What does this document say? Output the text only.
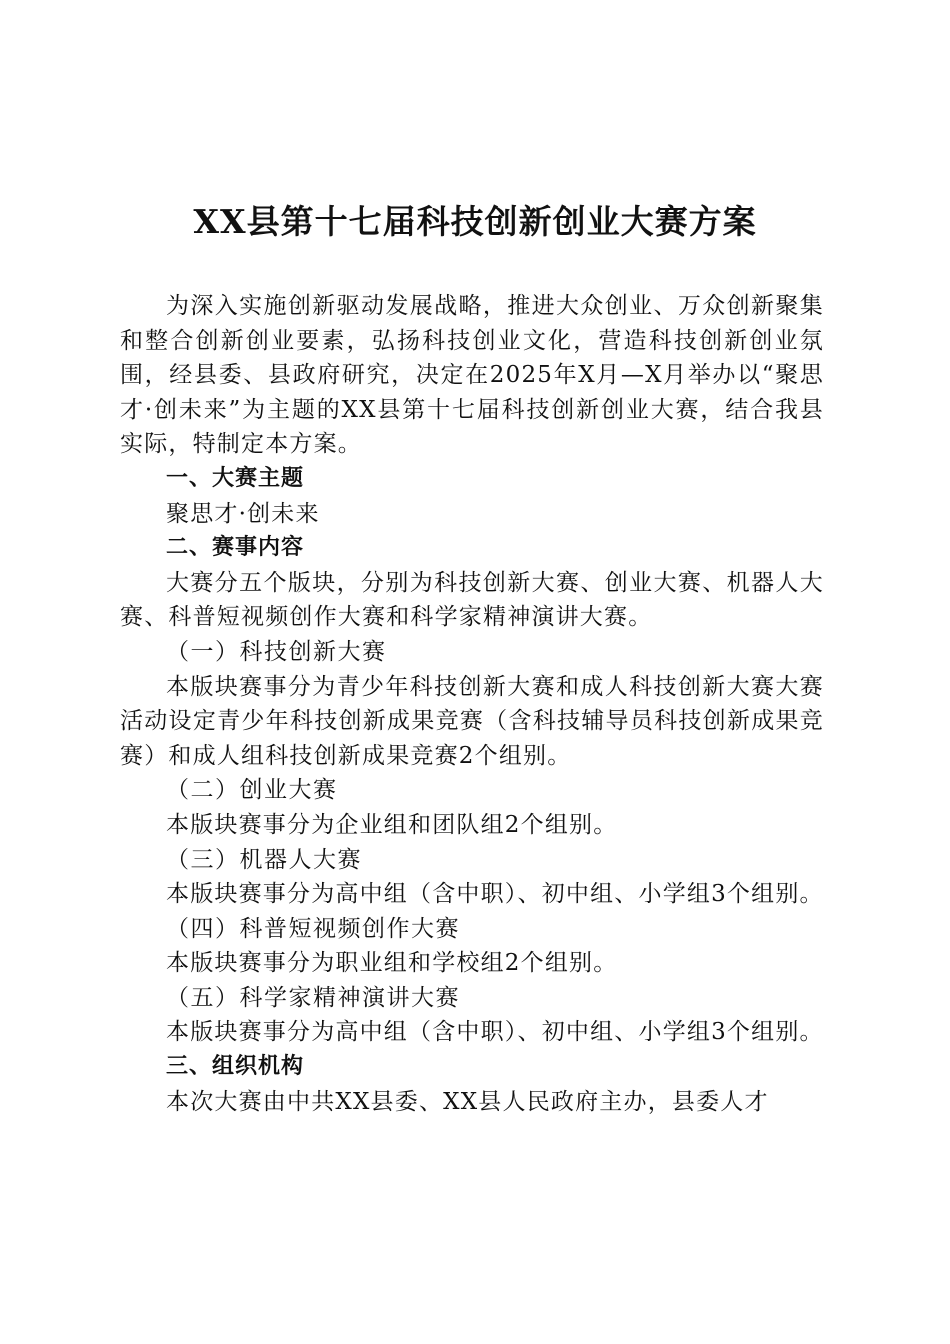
XX县第十七届科技创新创业大赛方案

为深入实施创新驱动发展战略，推进大众创业、万众创新聚集和整合创新创业要素，弘扬科技创业文化，营造科技创新创业氛围，经县委、县政府研究，决定在2025年X月—X月举办以“聚思才·创未来”为主题的XX县第十七届科技创新创业大赛，结合我县实际，特制定本方案。

一、大赛主题

聚思才·创未来

二、赛事内容

大赛分五个版块，分别为科技创新大赛、创业大赛、机器人大赛、科普短视频创作大赛和科学家精神演讲大赛。

（一）科技创新大赛

本版块赛事分为青少年科技创新大赛和成人科技创新大赛大赛活动设定青少年科技创新成果竞赛（含科技辅导员科技创新成果竞赛）和成人组科技创新成果竞赛2个组别。

（二）创业大赛

本版块赛事分为企业组和团队组2个组别。

（三）机器人大赛

本版块赛事分为高中组（含中职）、初中组、小学组3个组别。

（四）科普短视频创作大赛

本版块赛事分为职业组和学校组2个组别。

（五）科学家精神演讲大赛

本版块赛事分为高中组（含中职）、初中组、小学组3个组别。

三、组织机构

本次大赛由中共XX县委、XX县人民政府主办，县委人才
